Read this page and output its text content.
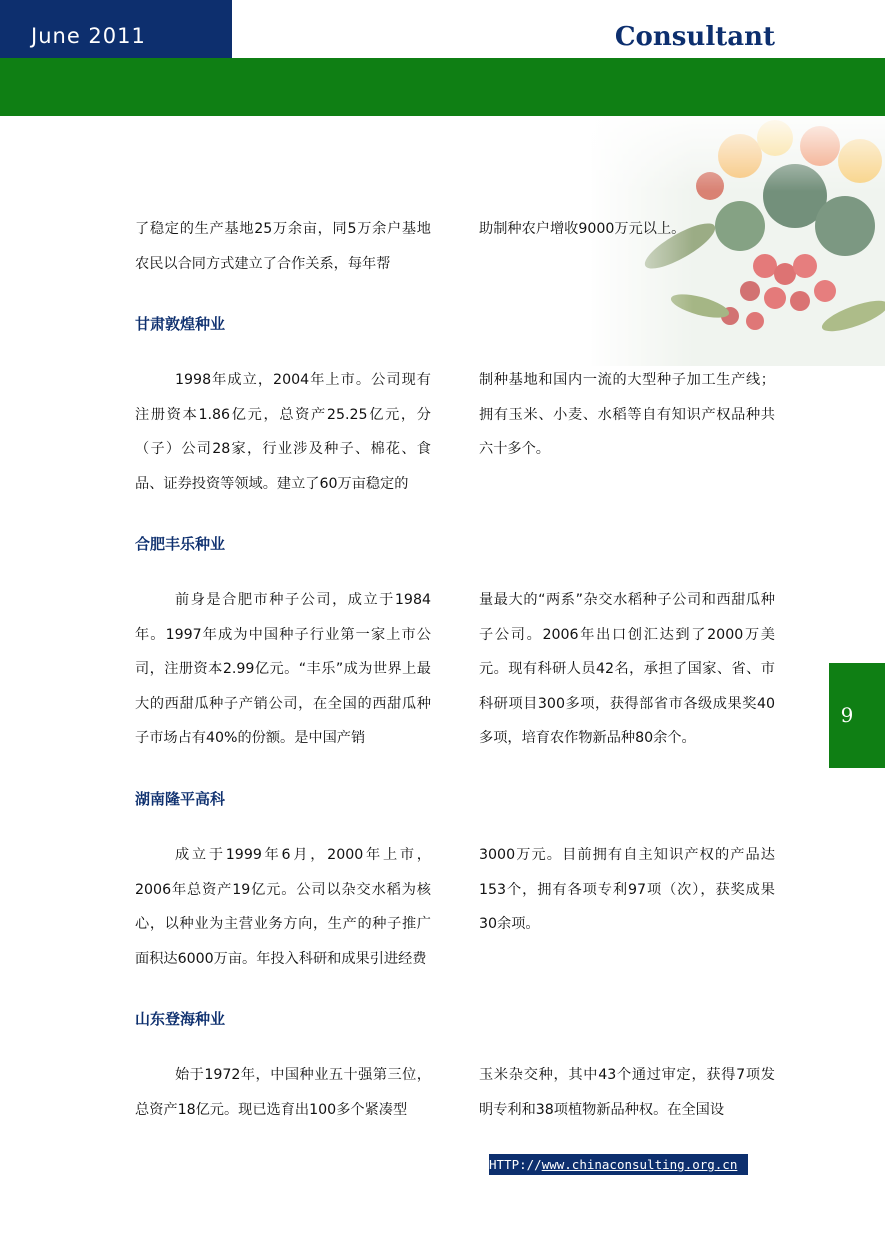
June 2011	Consultant

了稳定的生产基地25万余亩，同5万余户基地农民以合同方式建立了合作关系，每年帮

助制种农户增收9000万元以上。

甘肃敦煌种业

1998年成立，2004年上市。公司现有注册资本1.86亿元，总资产25.25亿元，分（子）公司28家，行业涉及种子、棉花、食品、证券投资等领域。建立了60万亩稳定的

制种基地和国内一流的大型种子加工生产线；拥有玉米、小麦、水稻等自有知识产权品种共六十多个。

合肥丰乐种业

前身是合肥市种子公司，成立于1984年。1997年成为中国种子行业第一家上市公司，注册资本2.99亿元。“丰乐”成为世界上最大的西甜瓜种子产销公司，在全国的西甜瓜种子市场占有40%的份额。是中国产销

量最大的“两系”杂交水稻种子公司和西甜瓜种子公司。2006年出口创汇达到了2000万美元。现有科研人员42名，承担了国家、省、市科研项目300多项，获得部省市各级成果奖40多项，培育农作物新品种80余个。

湖南隆平高科

成立于1999年6月，2000年上市，2006年总资产19亿元。公司以杂交水稻为核心，以种业为主营业务方向，生产的种子推广面积达6000万亩。年投入科研和成果引进经费

3000万元。目前拥有自主知识产权的产品达153个，拥有各项专利97项（次），获奖成果30余项。

山东登海种业

始于1972年，中国种业五十强第三位，总资产18亿元。现已选育出100多个紧凑型

玉米杂交种，其中43个通过审定，获得7项发明专利和38项植物新品种权。在全国设

9
HTTP://www.chinaconsulting.org.cn
